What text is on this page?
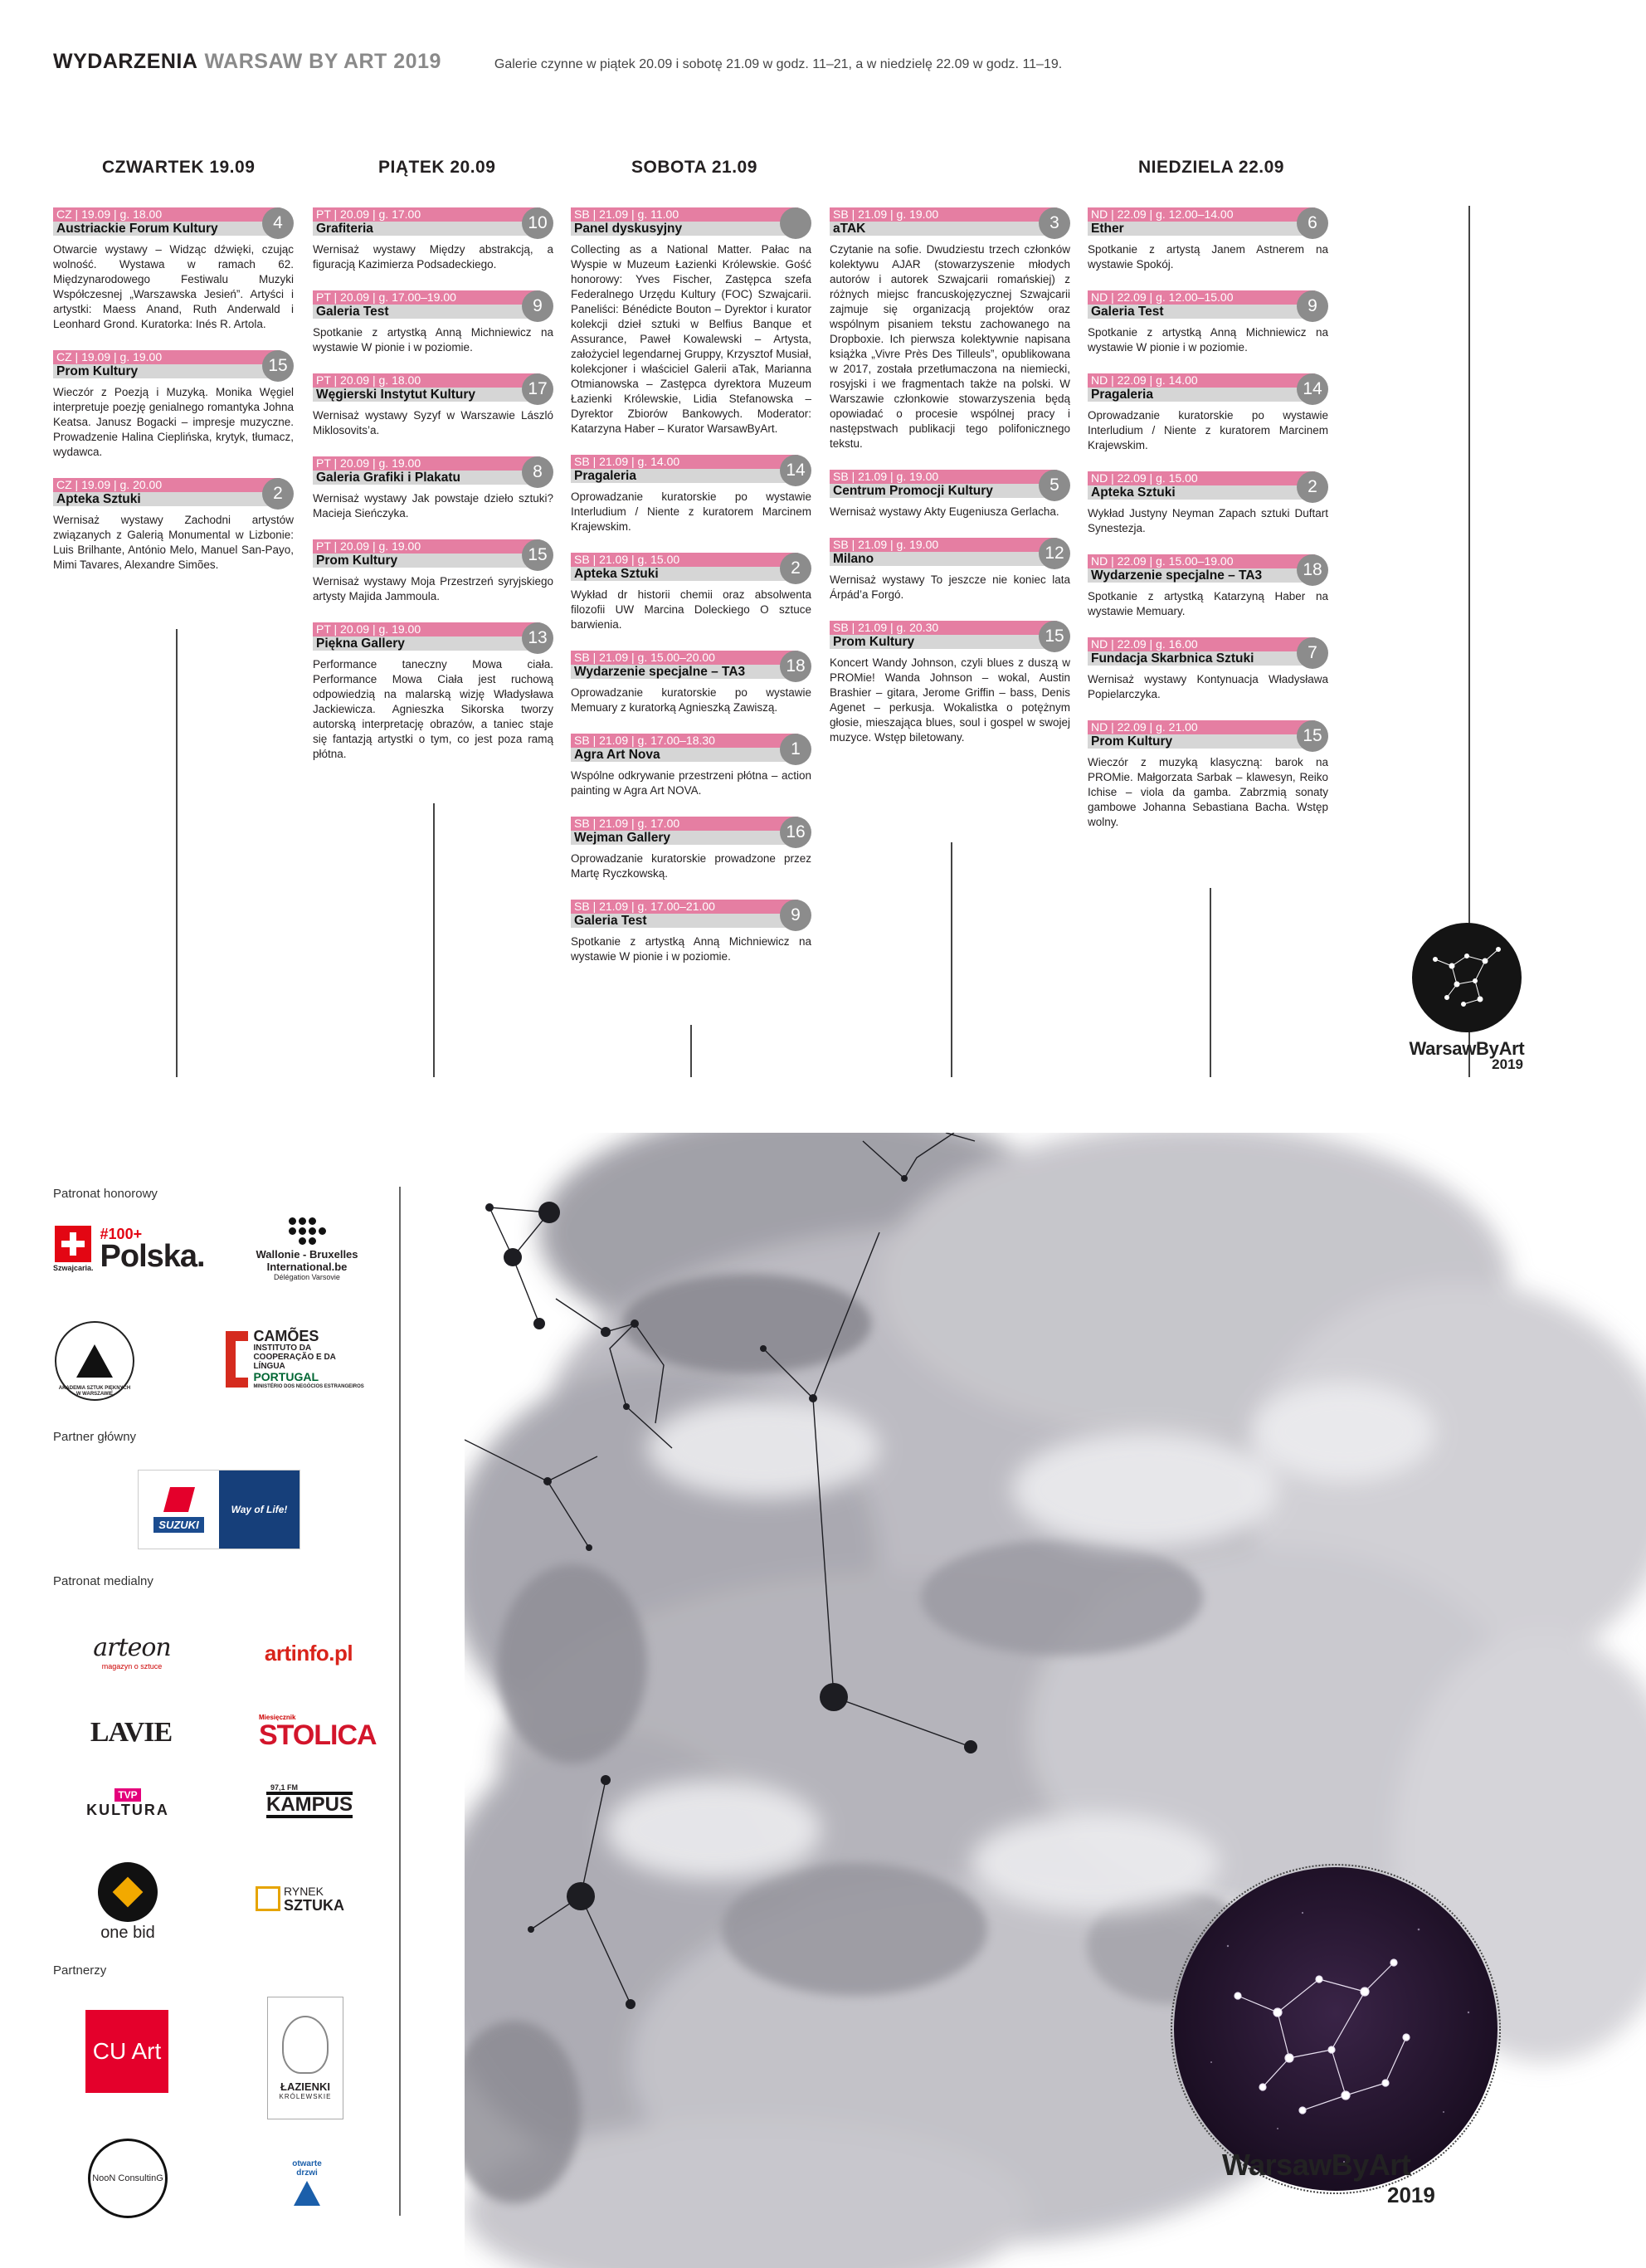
WYDARZENIA WARSAW BY ART 2019	Galerie czynne w piątek 20.09 i sobotę 21.09 w godz. 11–21, a w niedzielę 22.09 w godz. 11–19.
CZWARTEK 19.09	PIĄTEK 20.09	SOBOTA 21.09	NIEDZIELA 22.09
CZ | 19.09 | g. 18.00
Austriackie Forum Kultury	4
Otwarcie wystawy – Widząc dźwięki, czując wolność. Wystawa w ramach 62. Międzynarodowego Festiwalu Muzyki Współczesnej „Warszawska Jesień”. Artyści i artystki: Maess Anand, Ruth Anderwald i Leonhard Grond. Kuratorka: Inés R. Artola.
CZ | 19.09 | g. 19.00
Prom Kultury	15
Wieczór z Poezją i Muzyką. Monika Węgiel interpretuje poezję genialnego romantyka Johna Keatsa. Janusz Bogacki – impresje muzyczne. Prowadzenie Halina Cieplińska, krytyk, tłumacz, wydawca.
CZ | 19.09 | g. 20.00
Apteka Sztuki	2
Wernisaż wystawy Zachodni artystów związanych z Galerią Monumental w Lizbonie: Luis Brilhante, António Melo, Manuel San-Payo, Mimi Tavares, Alexandre Simões.
PT | 20.09 | g. 17.00
Grafiteria	10
Wernisaż wystawy Między abstrakcją, a figuracją Kazimierza Podsadeckiego.
PT | 20.09 | g. 17.00–19.00
Galeria Test	9
Spotkanie z artystką Anną Michniewicz na wystawie W pionie i w poziomie.
PT | 20.09 | g. 18.00
Węgierski Instytut Kultury	17
Wernisaż wystawy Syzyf w Warszawie László Miklosovits’a.
PT | 20.09 | g. 19.00
Galeria Grafiki i Plakatu	8
Wernisaż wystawy Jak powstaje dzieło sztuki? Macieja Sieńczyka.
PT | 20.09 | g. 19.00
Prom Kultury	15
Wernisaż wystawy Moja Przestrzeń syryjskiego artysty Majida Jammoula.
PT | 20.09 | g. 19.00
Piękna Gallery	13
Performance taneczny Mowa ciała. Performance Mowa Ciała jest ruchową odpowiedzią na malarską wizję Władysława Jackiewicza. Agnieszka Sikorska tworzy autorską interpretację obrazów, a taniec staje się fantazją artystki o tym, co jest poza ramą płótna.
SB | 21.09 | g. 11.00
Panel dyskusyjny
Collecting as a National Matter. Pałac na Wyspie w Muzeum Łazienki Królewskie. Gość honorowy: Yves Fischer, Zastępca szefa Federalnego Urzędu Kultury (FOC) Szwajcarii. Paneliści: Bénédicte Bouton – Dyrektor i kurator kolekcji dzieł sztuki w Belfius Banque et Assurance, Paweł Kowalewski – Artysta, założyciel legendarnej Gruppy, Krzysztof Musiał, kolekcjoner i właściciel Galerii aTak, Marianna Otmianowska – Zastępca dyrektora Muzeum Łazienki Królewskie, Lidia Stefanowska – Dyrektor Zbiorów Bankowych. Moderator: Katarzyna Haber – Kurator WarsawByArt.
SB | 21.09 | g. 14.00
Pragaleria	14
Oprowadzanie kuratorskie po wystawie Interludium / Niente z kuratorem Marcinem Krajewskim.
SB | 21.09 | g. 15.00
Apteka Sztuki	2
Wykład dr historii chemii oraz absolwenta filozofii UW Marcina Doleckiego O sztuce barwienia.
SB | 21.09 | g. 15.00–20.00
Wydarzenie specjalne – TA3	18
Oprowadzanie kuratorskie po wystawie Memuary z kuratorką Agnieszką Zawiszą.
SB | 21.09 | g. 17.00–18.30
Agra Art Nova	1
Wspólne odkrywanie przestrzeni płótna – action painting w Agra Art NOVA.
SB | 21.09 | g. 17.00
Wejman Gallery	16
Oprowadzanie kuratorskie prowadzone przez Martę Ryczkowską.
SB | 21.09 | g. 17.00–21.00
Galeria Test	9
Spotkanie z artystką Anną Michniewicz na wystawie W pionie i w poziomie.
SB | 21.09 | g. 19.00
aTAK	3
Czytanie na sofie. Dwudziestu trzech członków kolektywu AJAR (stowarzyszenie młodych autorów i autorek Szwajcarii romańskiej) z różnych miejsc francuskojęzycznej Szwajcarii zajmuje się organizacją projektów oraz wspólnym pisaniem tekstu zachowanego na Dropboxie. Ich pierwsza kolektywnie napisana książka „Vivre Près Des Tilleuls”, opublikowana w 2017, została przetłumaczona na niemiecki, rosyjski i we fragmentach także na polski. W Warszawie członkowie stowarzyszenia będą opowiadać o procesie wspólnej pracy i następstwach publikacji tego polifonicznego tekstu.
SB | 21.09 | g. 19.00
Centrum Promocji Kultury	5
Wernisaż wystawy Akty Eugeniusza Gerlacha.
SB | 21.09 | g. 19.00
Milano	12
Wernisaż wystawy To jeszcze nie koniec lata Árpád’a Forgó.
SB | 21.09 | g. 20.30
Prom Kultury	15
Koncert Wandy Johnson, czyli blues z duszą w PROMie! Wanda Johnson – wokal, Austin Brashier – gitara, Jerome Griffin – bass, Denis Agenet – perkusja. Wokalistka o potężnym głosie, mieszająca blues, soul i gospel w swojej muzyce. Wstęp biletowany.
ND | 22.09 | g. 12.00–14.00
Ether	6
Spotkanie z artystą Janem Astnerem na wystawie Spokój.
ND | 22.09 | g. 12.00–15.00
Galeria Test	9
Spotkanie z artystką Anną Michniewicz na wystawie W pionie i w poziomie.
ND | 22.09 | g. 14.00
Pragaleria	14
Oprowadzanie kuratorskie po wystawie Interludium / Niente z kuratorem Marcinem Krajewskim.
ND | 22.09 | g. 15.00
Apteka Sztuki	2
Wykład Justyny Neyman Zapach sztuki Duftart Synestezja.
ND | 22.09 | g. 15.00–19.00
Wydarzenie specjalne – TA3	18
Spotkanie z artystką Katarzyną Haber na wystawie Memuary.
ND | 22.09 | g. 16.00
Fundacja Skarbnica Sztuki	7
Wernisaż wystawy Kontynuacja Władysława Popielarczyka.
ND | 22.09 | g. 21.00
Prom Kultury	15
Wieczór z muzyką klasyczną: barok na PROMie. Małgorzata Sarbak – klawesyn, Reiko Ichise – viola da gamba. Zabrzmią sonaty gambowe Johanna Sebastiana Bacha. Wstęp wolny.
WarsawByArt
2019
WarsawByArt
2019
Patronat honorowy
Szwajcaria.
#100+
Polska.	Wallonie - Bruxelles
International.be
Délégation Varsovie
AKADEMIA SZTUK PIĘKNYCH W WARSZAWIE
CAMÕES
INSTITUTO DA COOPERAÇÃO E DA LÍNGUA
PORTUGAL
MINISTÉRIO DOS NEGÓCIOS ESTRANGEIROS
Partner główny
SUZUKI
Way of Life!
Patronat medialny
arteon
magazyn o sztuce
artinfo.pl
LAVIE	Miesięcznik
STOLICA
TVP
KULTURA
97,1 FM
KAMPUS
one bid
RYNEK
SZTUKA
Partnerzy
CU Art
ŁAZIENKI
KRÓLEWSKIE
NooN ConsultinG
otwarte
drzwi
